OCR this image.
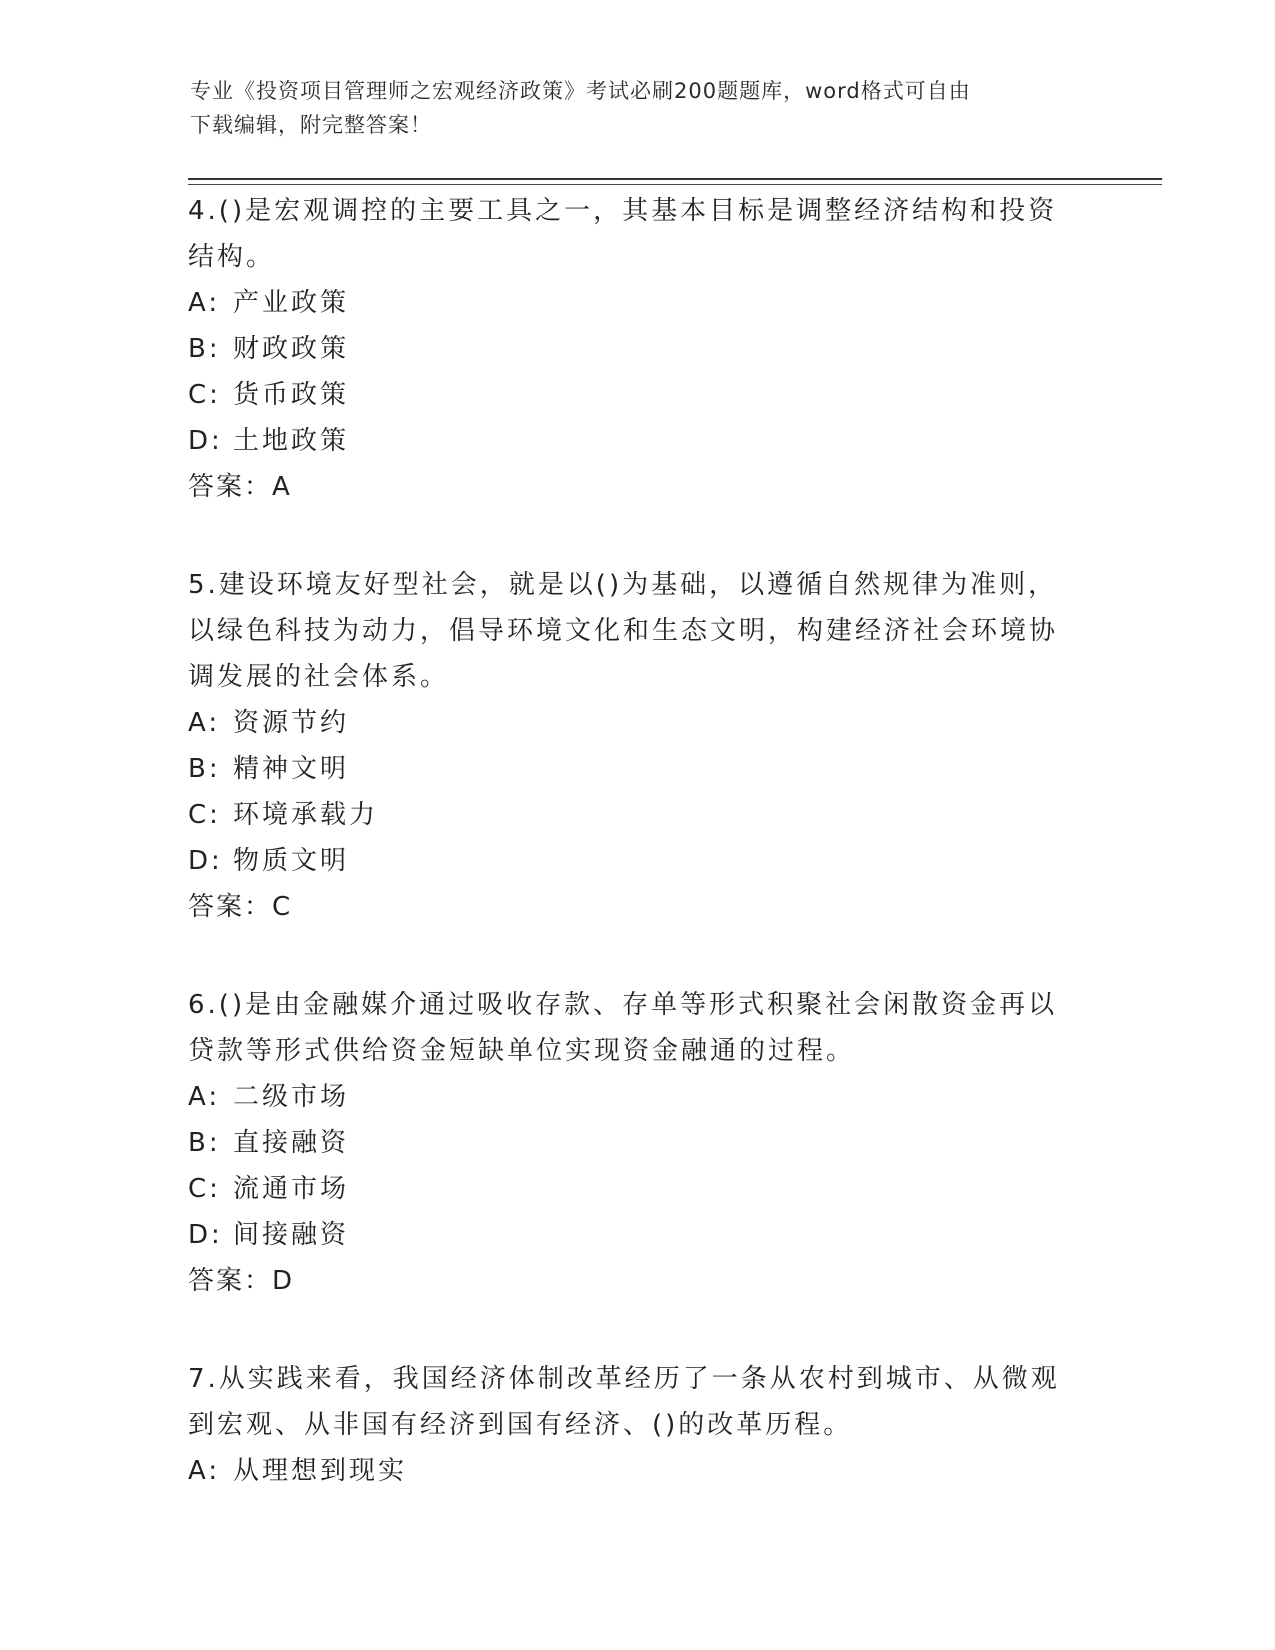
专业《投资项目管理师之宏观经济政策》考试必刷200题题库，word格式可自由
下载编辑，附完整答案！

4.()是宏观调控的主要工具之一，其基本目标是调整经济结构和投资结构。

A: 产业政策
B: 财政政策
C: 货币政策
D: 土地政策

答案：A

5.建设环境友好型社会，就是以()为基础，以遵循自然规律为准则，以绿色科技为动力，倡导环境文化和生态文明，构建经济社会环境协调发展的社会体系。

A: 资源节约
B: 精神文明
C: 环境承载力
D: 物质文明

答案：C

6.()是由金融媒介通过吸收存款、存单等形式积聚社会闲散资金再以贷款等形式供给资金短缺单位实现资金融通的过程。

A: 二级市场
B: 直接融资
C: 流通市场
D: 间接融资

答案：D

7.从实践来看，我国经济体制改革经历了一条从农村到城市、从微观到宏观、从非国有经济到国有经济、()的改革历程。

A: 从理想到现实
